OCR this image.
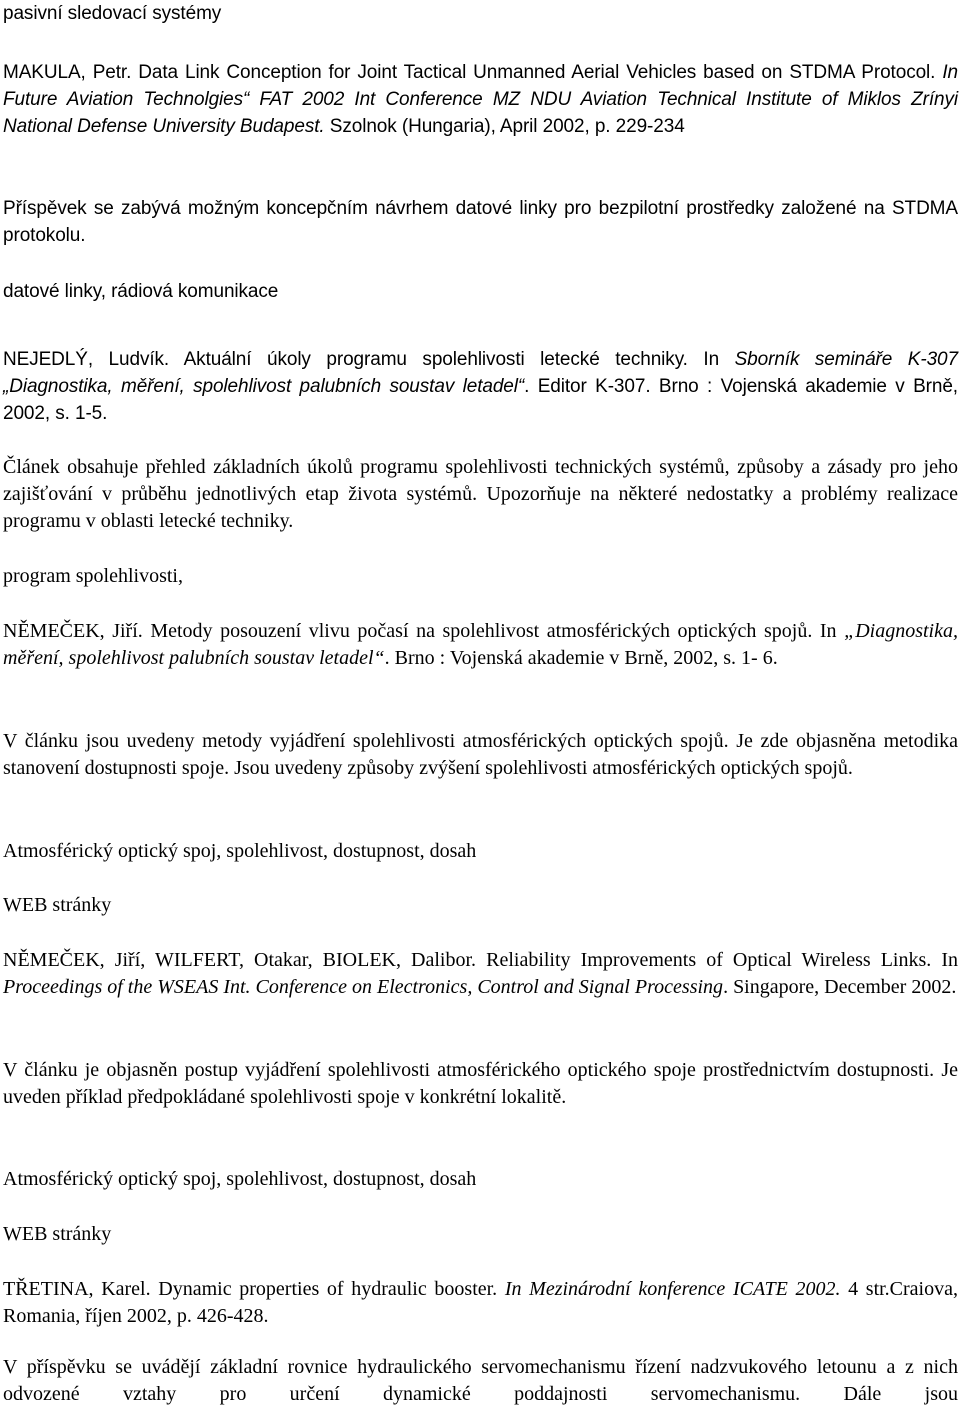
pasivní sledovací systémy

MAKULA, Petr. Data Link Conception for Joint Tactical Unmanned Aerial Vehicles based on STDMA Protocol. In Future Aviation Technolgies“ FAT 2002 Int Conference MZ NDU Aviation Technical Institute of Miklos Zrínyi National Defense University Budapest. Szolnok (Hungaria), April 2002, p. 229-234

Příspěvek se zabývá možným koncepčním návrhem datové linky pro bezpilotní prostředky založené na STDMA protokolu.

datové linky, rádiová komunikace

NEJEDLÝ, Ludvík. Aktuální úkoly programu spolehlivosti letecké techniky. In Sborník semináře K-307 „Diagnostika, měření, spolehlivost palubních soustav letadel“. Editor K-307. Brno : Vojenská akademie v Brně, 2002, s. 1-5.

Článek obsahuje přehled základních úkolů programu spolehlivosti technických systémů, způsoby a zásady pro jeho zajišťování v průběhu jednotlivých etap života systémů. Upozorňuje na některé nedostatky a problémy realizace programu v oblasti letecké techniky.

program spolehlivosti,

NĚMEČEK, Jiří. Metody posouzení vlivu počasí na spolehlivost atmosférických optických spojů. In „Diagnostika, měření, spolehlivost palubních soustav letadel“. Brno : Vojenská akademie v Brně, 2002, s. 1- 6.

V článku jsou uvedeny metody vyjádření spolehlivosti atmosférických optických spojů. Je zde objasněna metodika stanovení dostupnosti spoje. Jsou uvedeny způsoby zvýšení spolehlivosti atmosférických optických spojů.

Atmosférický optický spoj, spolehlivost, dostupnost, dosah

WEB stránky

NĚMEČEK, Jiří, WILFERT, Otakar, BIOLEK, Dalibor. Reliability Improvements of Optical Wireless Links. In Proceedings of the WSEAS Int. Conference on Electronics, Control and Signal Processing. Singapore, December 2002.

V článku je objasněn postup vyjádření spolehlivosti atmosférického optického spoje prostřednictvím dostupnosti. Je uveden příklad předpokládané spolehlivosti spoje v konkrétní lokalitě.

Atmosférický optický spoj, spolehlivost, dostupnost, dosah

WEB stránky

TŘETINA, Karel. Dynamic properties of hydraulic booster. In Mezinárodní konference ICATE 2002. 4 str.Craiova, Romania, říjen 2002, p. 426-428.

V příspěvku se uvádějí základní rovnice hydraulického servomechanismu řízení nadzvukového letounu a z nich odvozené vztahy pro určení dynamické poddajnosti servomechanismu. Dále jsou
